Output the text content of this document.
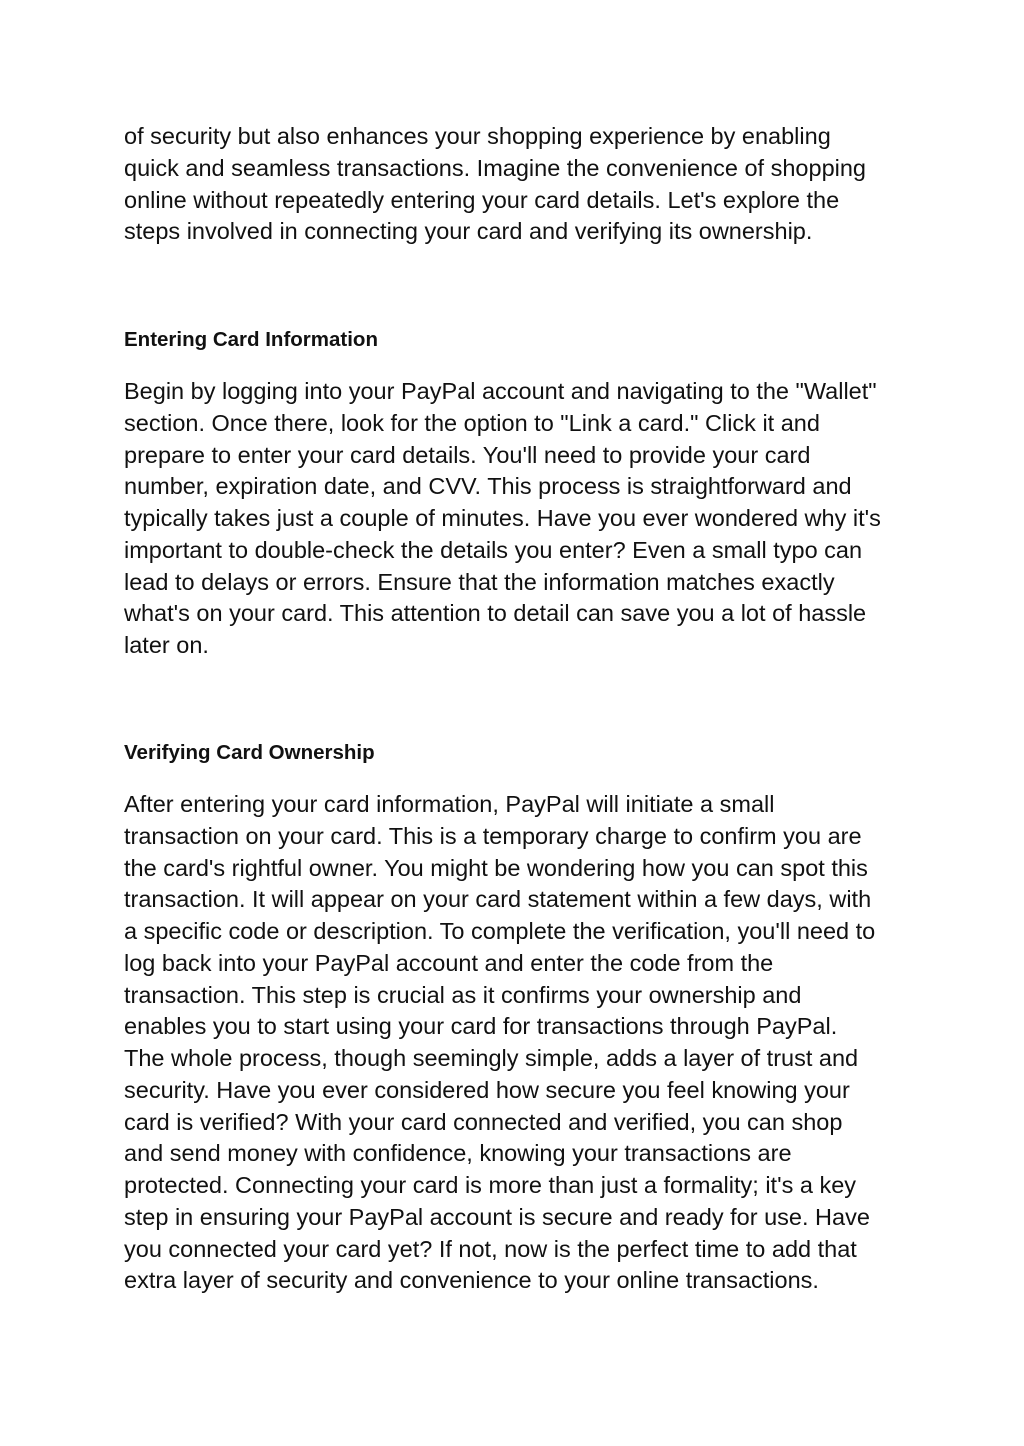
of security but also enhances your shopping experience by enabling
quick and seamless transactions. Imagine the convenience of shopping
online without repeatedly entering your card details. Let's explore the
steps involved in connecting your card and verifying its ownership.

Entering Card Information

Begin by logging into your PayPal account and navigating to the "Wallet"
section. Once there, look for the option to "Link a card." Click it and
prepare to enter your card details. You'll need to provide your card
number, expiration date, and CVV. This process is straightforward and
typically takes just a couple of minutes. Have you ever wondered why it's
important to double-check the details you enter? Even a small typo can
lead to delays or errors. Ensure that the information matches exactly
what's on your card. This attention to detail can save you a lot of hassle
later on.

Verifying Card Ownership

After entering your card information, PayPal will initiate a small
transaction on your card. This is a temporary charge to confirm you are
the card's rightful owner. You might be wondering how you can spot this
transaction. It will appear on your card statement within a few days, with
a specific code or description. To complete the verification, you'll need to
log back into your PayPal account and enter the code from the
transaction. This step is crucial as it confirms your ownership and
enables you to start using your card for transactions through PayPal.
The whole process, though seemingly simple, adds a layer of trust and
security. Have you ever considered how secure you feel knowing your
card is verified? With your card connected and verified, you can shop
and send money with confidence, knowing your transactions are
protected. Connecting your card is more than just a formality; it's a key
step in ensuring your PayPal account is secure and ready for use. Have
you connected your card yet? If not, now is the perfect time to add that
extra layer of security and convenience to your online transactions.
